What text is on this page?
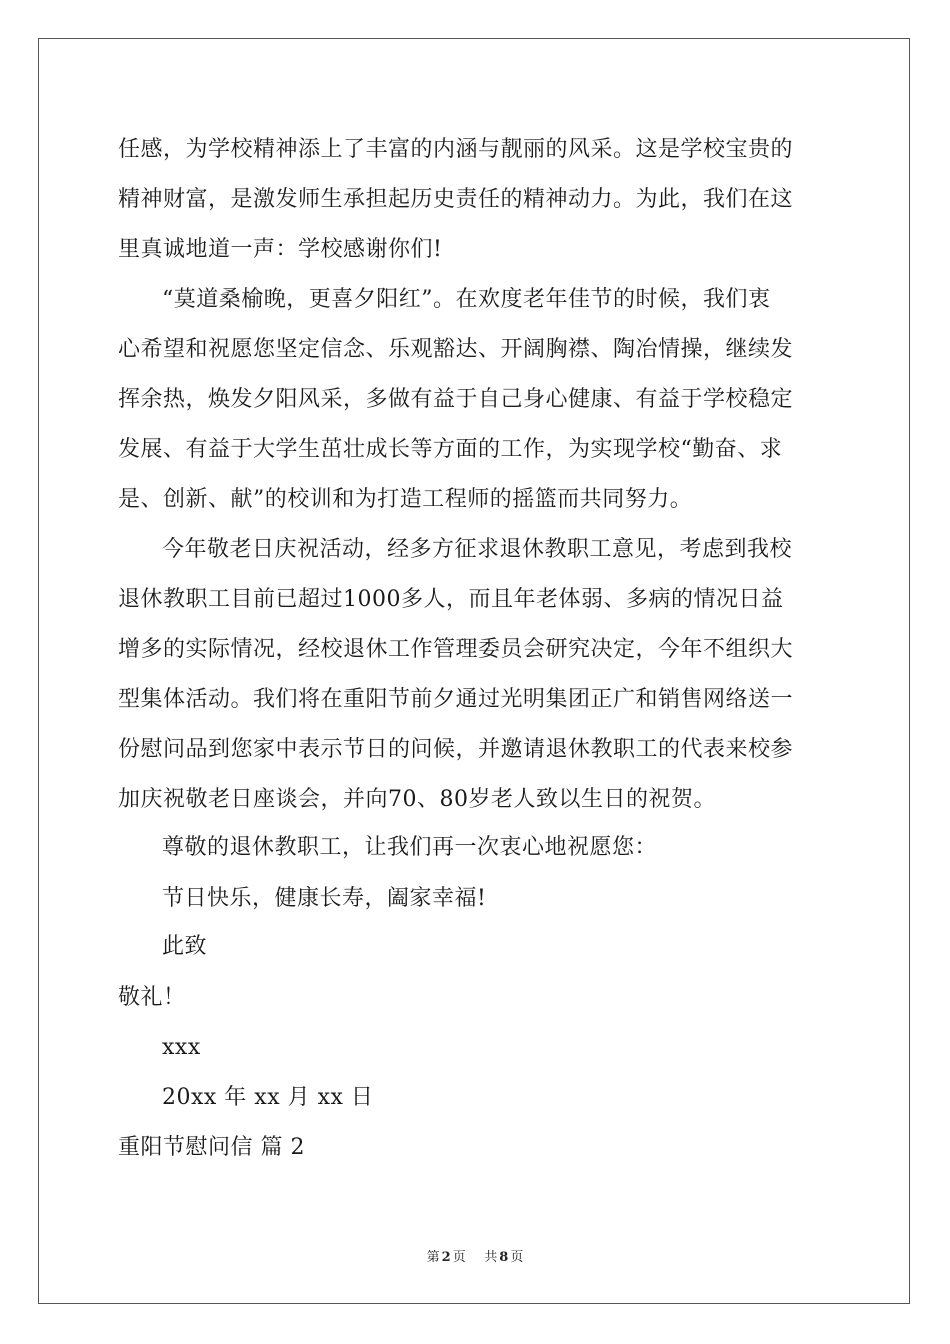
任感，为学校精神添上了丰富的内涵与靓丽的风采。这是学校宝贵的
精神财富，是激发师生承担起历史责任的精神动力。为此，我们在这
里真诚地道一声：学校感谢你们!
“莫道桑榆晚，更喜夕阳红”。在欢度老年佳节的时候，我们衷
心希望和祝愿您坚定信念、乐观豁达、开阔胸襟、陶冶情操，继续发
挥余热，焕发夕阳风采，多做有益于自己身心健康、有益于学校稳定
发展、有益于大学生茁壮成长等方面的工作，为实现学校“勤奋、求
是、创新、献”的校训和为打造工程师的摇篮而共同努力。
今年敬老日庆祝活动，经多方征求退休教职工意见，考虑到我校
退休教职工目前已超过1000多人，而且年老体弱、多病的情况日益
增多的实际情况，经校退休工作管理委员会研究决定，今年不组织大
型集体活动。我们将在重阳节前夕通过光明集团正广和销售网络送一
份慰问品到您家中表示节日的问候，并邀请退休教职工的代表来校参
加庆祝敬老日座谈会，并向70、80岁老人致以生日的祝贺。
尊敬的退休教职工，让我们再一次衷心地祝愿您：
节日快乐，健康长寿，阖家幸福!
此致
敬礼！
xxx
20xx 年 xx 月 xx 日
重阳节慰问信 篇 2
第 2 页 共 8 页
